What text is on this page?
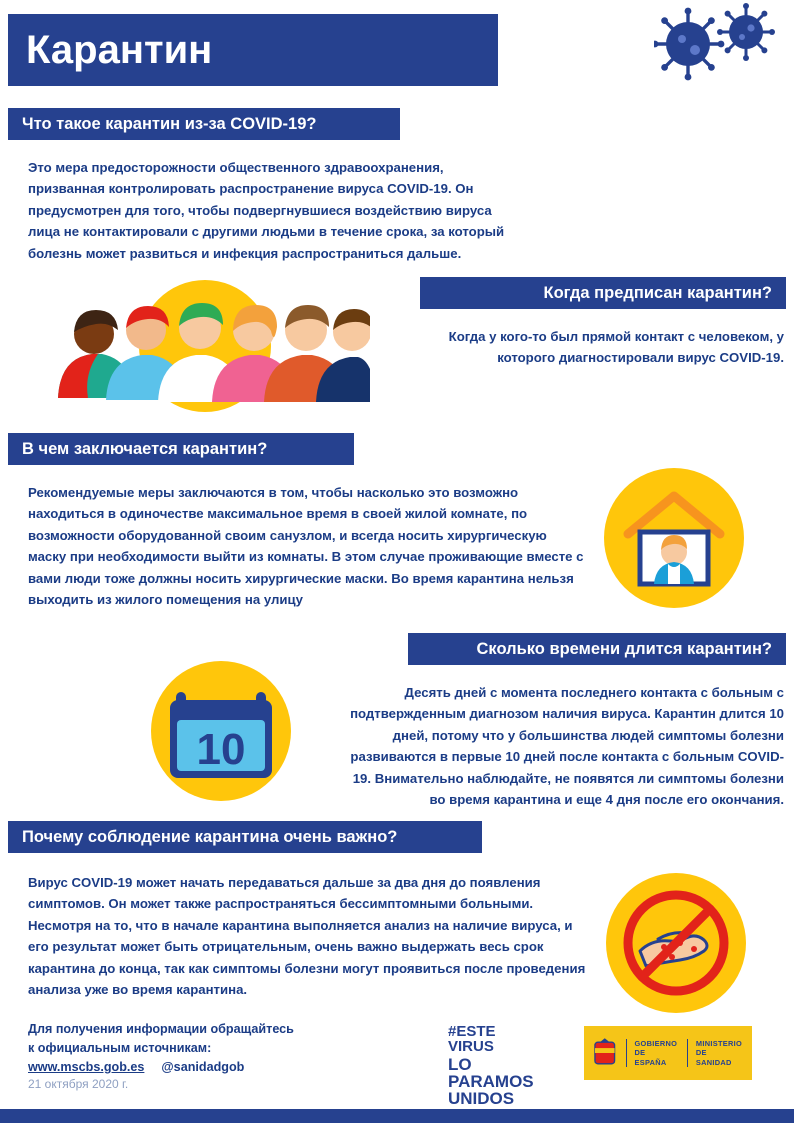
Карантин
Что такое карантин из-за COVID-19?
Это мера предосторожности общественного здравоохранения, призванная контролировать распространение вируса COVID-19. Он предусмотрен для того, чтобы подвергнувшиеся воздействию вируса лица не контактировали с другими людьми в течение срока, за который болезнь может развиться и инфекция распространиться дальше.
Когда предписан карантин?
Когда у кого-то был прямой контакт с человеком, у которого диагностировали вирус COVID-19.
В чем заключается карантин?
Рекомендуемые меры заключаются в том, чтобы насколько это возможно находиться в одиночестве максимальное время в своей жилой комнате, по возможности оборудованной своим санузлом, и всегда носить хирургическую маску при необходимости выйти из комнаты. В этом случае проживающие вместе с вами люди тоже должны носить хирургические маски. Во время карантина нельзя выходить из жилого помещения на улицу
Сколько времени длится карантин?
Десять дней с момента последнего контакта с больным с подтвержденным диагнозом наличия вируса. Карантин длится 10 дней, потому что у большинства людей симптомы болезни развиваются в первые 10 дней после контакта с больным COVID-19. Внимательно наблюдайте, не появятся ли симптомы болезни во время карантина и еще 4 дня после его окончания.
10
Почему соблюдение карантина очень важно?
Вирус COVID-19 может начать передаваться дальше за два дня до появления симптомов. Он может также распространяться бессимптомными больными. Несмотря на то, что в начале карантина выполняется анализ на наличие вируса, и его результат может быть отрицательным, очень важно выдержать весь срок карантина до конца, так как симптомы болезни могут проявиться после проведения анализа уже во время карантина.
Для получения информации обращайтесь
к официальным источникам:
www.mscbs.gob.es @sanidadgob
21 октября 2020 г.
#ESTE
VIRUS
LO
PARAMOS
UNIDOS
GOBIERNO
DE ESPAÑA
MINISTERIO
DE SANIDAD
